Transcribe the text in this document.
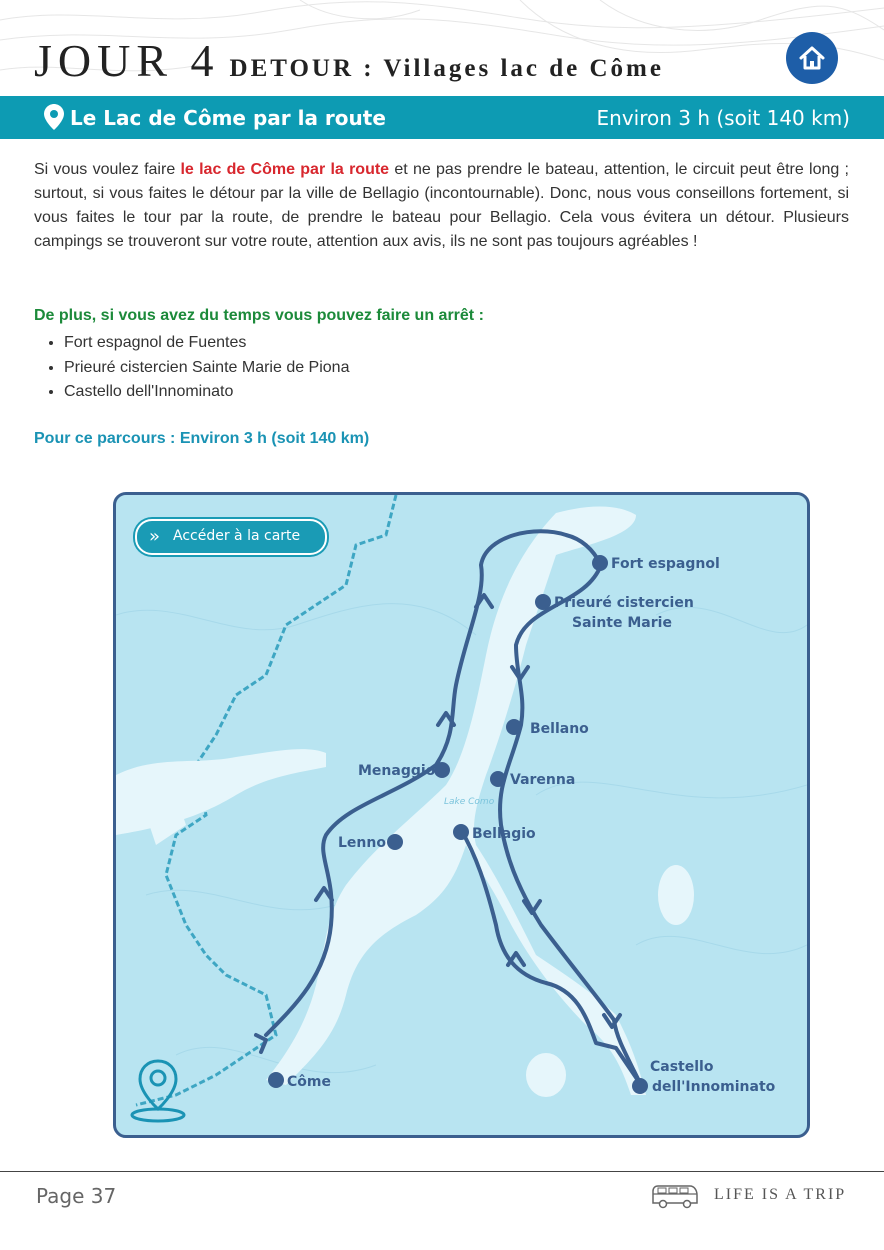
JOUR 4 DETOUR : Villages lac de Côme
Le Lac de Côme par la route	Environ 3 h (soit 140 km)

Si vous voulez faire le lac de Côme par la route et ne pas prendre le bateau, attention, le circuit peut être long ; surtout, si vous faites le détour par la ville de Bellagio (incontournable). Donc, nous vous conseillons fortement, si vous faites le tour par la route, de prendre le bateau pour Bellagio. Cela vous évitera un détour. Plusieurs campings se trouveront sur votre route, attention aux avis, ils ne sont pas toujours agréables !

De plus, si vous avez du temps vous pouvez faire un arrêt :
• Fort espagnol de Fuentes
• Prieuré cistercien Sainte Marie de Piona
• Castello dell'Innominato
Pour ce parcours : Environ 3 h (soit 140 km)
Fort espagnol
Prieuré cistercien
Sainte Marie
Bellano
Menaggio
Varenna
Lenno
Bellagio
Castello
dell'Innominato
Côme
Lake Como
» Accéder à la carte
Page 37	LIFE IS A TRIP
